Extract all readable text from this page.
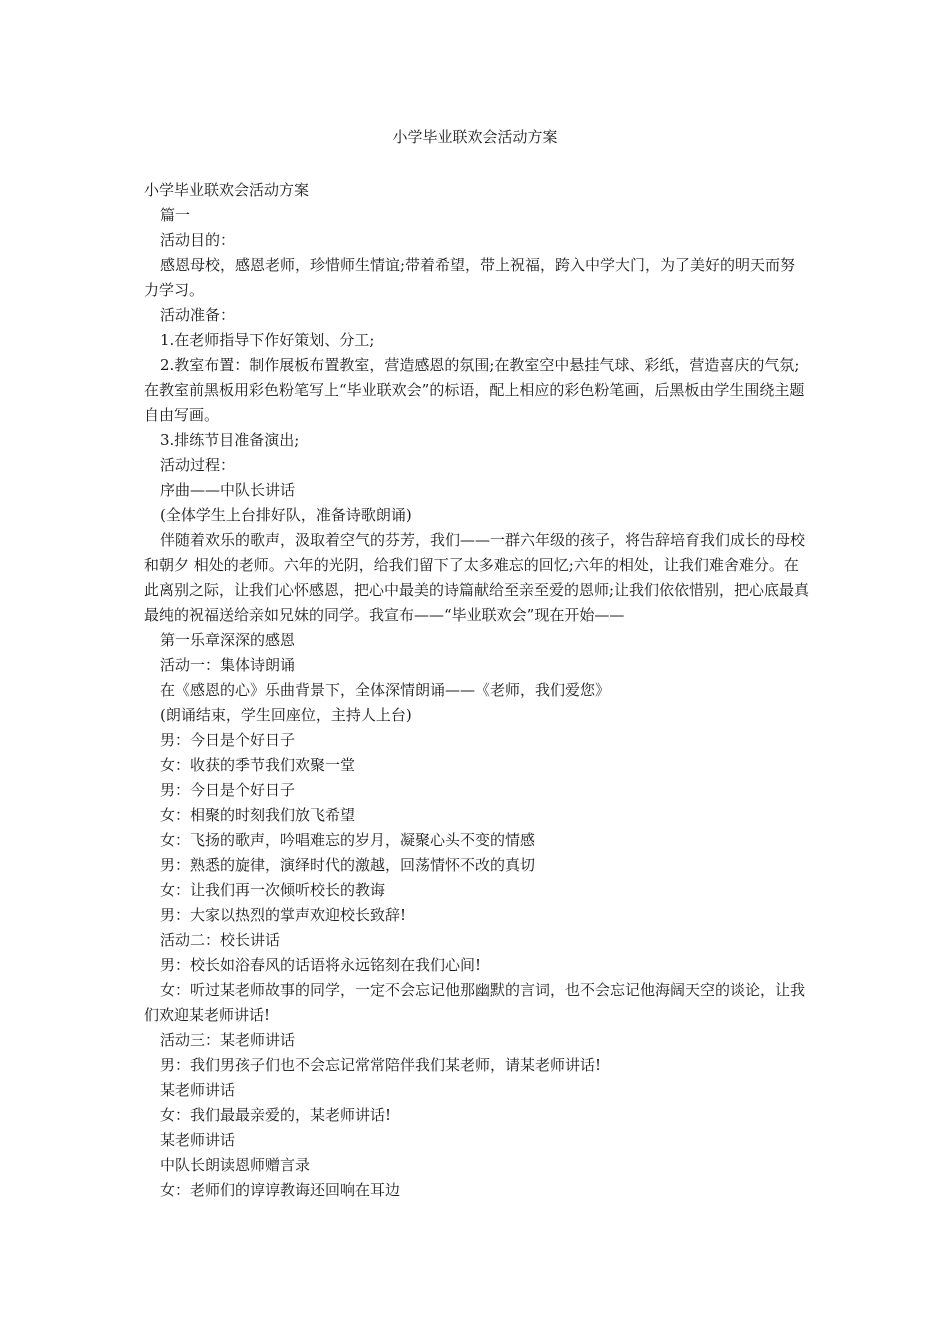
小学毕业联欢会活动方案

小学毕业联欢会活动方案

篇一

活动目的：

感恩母校，感恩老师，珍惜师生情谊;带着希望，带上祝福，跨入中学大门，为了美好的明天而努力学习。

活动准备：

1.在老师指导下作好策划、分工;

2.教室布置：制作展板布置教室，营造感恩的氛围;在教室空中悬挂气球、彩纸，营造喜庆的气氛;在教室前黑板用彩色粉笔写上“毕业联欢会”的标语，配上相应的彩色粉笔画，后黑板由学生围绕主题自由写画。

3.排练节目准备演出;

活动过程：

序曲——中队长讲话

(全体学生上台排好队，准备诗歌朗诵)

伴随着欢乐的歌声，汲取着空气的芬芳，我们——一群六年级的孩子，将告辞培育我们成长的母校和朝夕 相处的老师。六年的光阴，给我们留下了太多难忘的回忆;六年的相处，让我们难舍难分。在此离别之际，让我们心怀感恩，把心中最美的诗篇献给至亲至爱的恩师;让我们依依惜别，把心底最真最纯的祝福送给亲如兄妹的同学。我宣布——“毕业联欢会”现在开始——

第一乐章深深的感恩

活动一：集体诗朗诵

在《感恩的心》乐曲背景下，全体深情朗诵——《老师，我们爱您》

(朗诵结束，学生回座位，主持人上台)

男：今日是个好日子

女：收获的季节我们欢聚一堂

男：今日是个好日子

女：相聚的时刻我们放飞希望

女：飞扬的歌声，吟唱难忘的岁月，凝聚心头不变的情感

男：熟悉的旋律，演绎时代的激越，回荡情怀不改的真切

女：让我们再一次倾听校长的教诲

男：大家以热烈的掌声欢迎校长致辞!

活动二：校长讲话

男：校长如浴春风的话语将永远铭刻在我们心间!

女：听过某老师故事的同学，一定不会忘记他那幽默的言词，也不会忘记他海阔天空的谈论，让我们欢迎某老师讲话!

活动三：某老师讲话

男：我们男孩子们也不会忘记常常陪伴我们某老师，请某老师讲话!

某老师讲话

女：我们最最亲爱的，某老师讲话!

某老师讲话

中队长朗读恩师赠言录

女：老师们的谆谆教诲还回响在耳边
